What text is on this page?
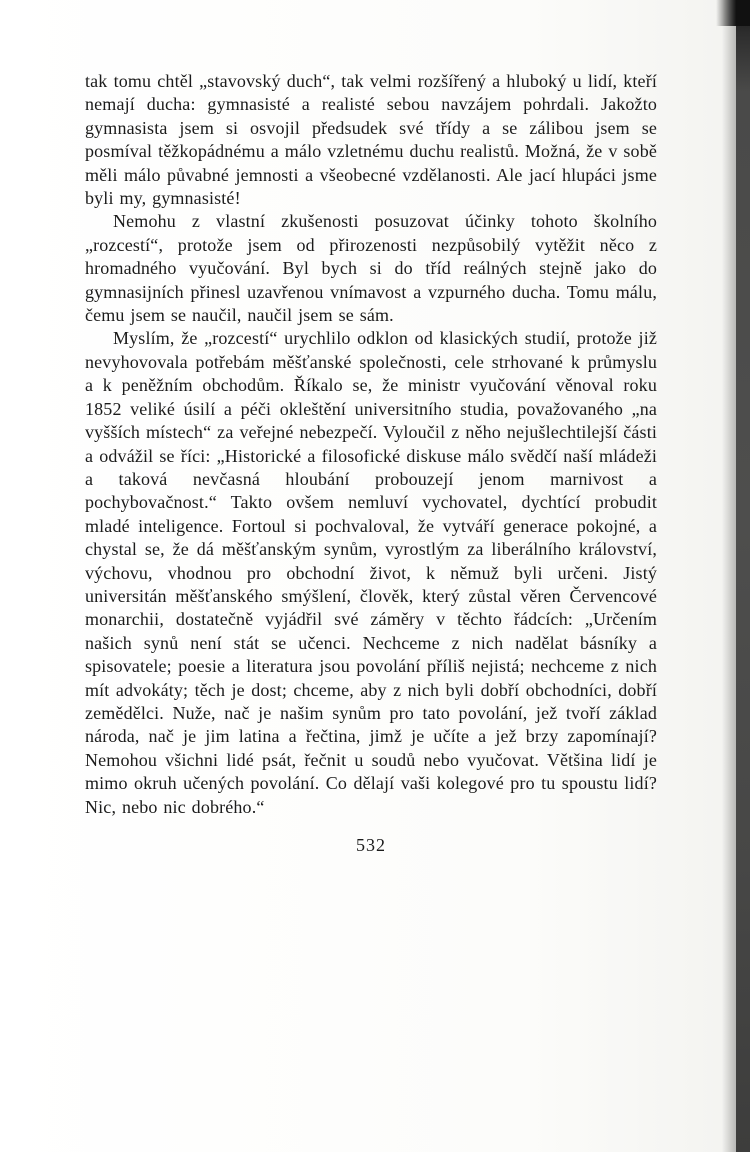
tak tomu chtěl „stavovský duch“, tak velmi rozšířený a hluboký u lidí, kteří nemají ducha: gymnasisté a realisté sebou navzájem pohrdali. Jakožto gymnasista jsem si osvojil předsudek své třídy a se zálibou jsem se posmíval těžkopádnému a málo vzletnému duchu realistů. Možná, že v sobě měli málo půvabné jemnosti a všeobecné vzdělanosti. Ale jací hlupáci jsme byli my, gymnasisté!

Nemohu z vlastní zkušenosti posuzovat účinky tohoto školního „rozcestí“, protože jsem od přirozenosti nezpůsobilý vytěžit něco z hromadného vyučování. Byl bych si do tříd reálných stejně jako do gymnasijních přinesl uzavřenou vnímavost a vzpurného ducha. Tomu málu, čemu jsem se naučil, naučil jsem se sám.

Myslím, že „rozcestí“ urychlilo odklon od klasických studií, protože již nevyhovovala potřebám měšťanské společnosti, cele strhované k průmyslu a k peněžním obchodům. Říkalo se, že ministr vyučování věnoval roku 1852 veliké úsilí a péči okleštění universitního studia, považovaného „na vyšších místech“ za veřejné nebezpečí. Vyloučil z něho nejušlechtilejší části a odvážil se říci: „Historické a filosofické diskuse málo svědčí naší mládeži a taková nevčasná hloubání probouzejí jenom marnivost a pochybovačnost.“ Takto ovšem nemluví vychovatel, dychtící probudit mladé inteligence. Fortoul si pochvaloval, že vytváří generace pokojné, a chystal se, že dá měšťanským synům, vyrostlým za liberálního království, výchovu, vhodnou pro obchodní život, k němuž byli určeni. Jistý universitán měšťanského smýšlení, člověk, který zůstal věren Červencové monarchii, dostatečně vyjádřil své záměry v těchto řádcích: „Určením našich synů není stát se učenci. Nechceme z nich nadělat básníky a spisovatele; poesie a literatura jsou povolání příliš nejistá; nechceme z nich mít advokáty; těch je dost; chceme, aby z nich byli dobří obchodníci, dobří zemědělci. Nuže, nač je našim synům pro tato povolání, jež tvoří základ národa, nač je jim latina a řečtina, jimž je učíte a jež brzy zapomínají? Nemohou všichni lidé psát, řečnit u soudů nebo vyučovat. Většina lidí je mimo okruh učených povolání. Co dělají vaši kolegové pro tu spoustu lidí? Nic, nebo nic dobrého.“

532
